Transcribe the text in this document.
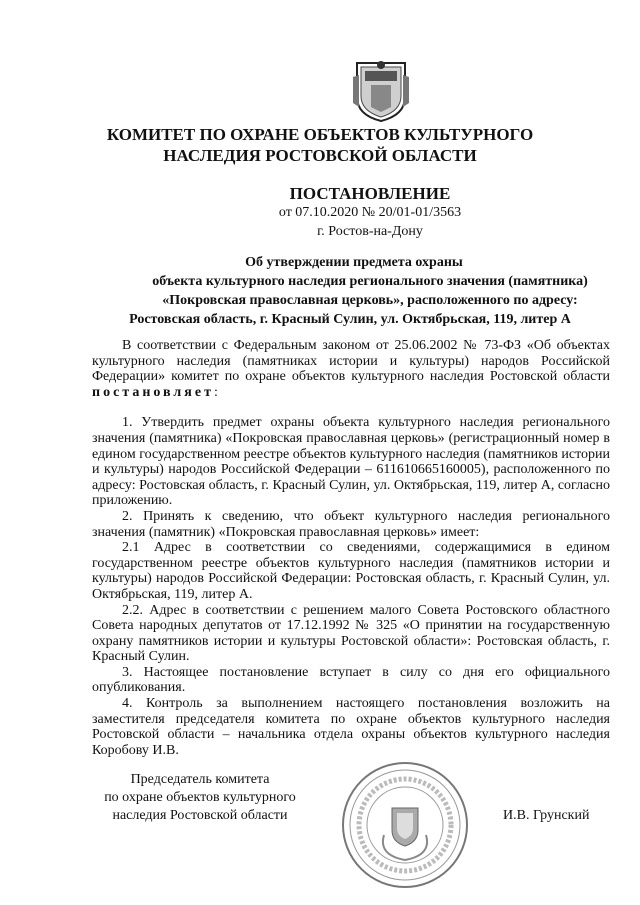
КОМИТЕТ ПО ОХРАНЕ ОБЪЕКТОВ КУЛЬТУРНОГО
НАСЛЕДИЯ РОСТОВСКОЙ ОБЛАСТИ
ПОСТАНОВЛЕНИЕ
от 07.10.2020 № 20/01-01/3563
г. Ростов-на-Дону
Об утверждении предмета охраны
объекта культурного наследия регионального значения (памятника)
«Покровская православная церковь», расположенного по адресу:
Ростовская область, г. Красный Сулин, ул. Октябрьская, 119, литер А

В соответствии с Федеральным законом от 25.06.2002 № 73-ФЗ «Об объектах культурного наследия (памятниках истории и культуры) народов Российской Федерации» комитет по охране объектов культурного наследия Ростовской области постановляет:

1. Утвердить предмет охраны объекта культурного наследия регионального значения (памятника) «Покровская православная церковь» (регистрационный номер в едином государственном реестре объектов культурного наследия (памятников истории и культуры) народов Российской Федерации – 611610665160005), расположенного по адресу: Ростовская область, г. Красный Сулин, ул. Октябрьская, 119, литер А, согласно приложению.

2. Принять к сведению, что объект культурного наследия регионального значения (памятник) «Покровская православная церковь» имеет:

2.1 Адрес в соответствии со сведениями, содержащимися в едином государственном реестре объектов культурного наследия (памятников истории и культуры) народов Российской Федерации: Ростовская область, г. Красный Сулин, ул. Октябрьская, 119, литер А.

2.2. Адрес в соответствии с решением малого Совета Ростовского областного Совета народных депутатов от 17.12.1992 № 325 «О принятии на государственную охрану памятников истории и культуры Ростовской области»: Ростовская область, г. Красный Сулин.

3. Настоящее постановление вступает в силу со дня его официального опубликования.

4. Контроль за выполнением настоящего постановления возложить на заместителя председателя комитета по охране объектов культурного наследия Ростовской области – начальника отдела охраны объектов культурного наследия Коробову И.В.

Председатель комитета
по охране объектов культурного
наследия Ростовской области	И.В. Грунский
